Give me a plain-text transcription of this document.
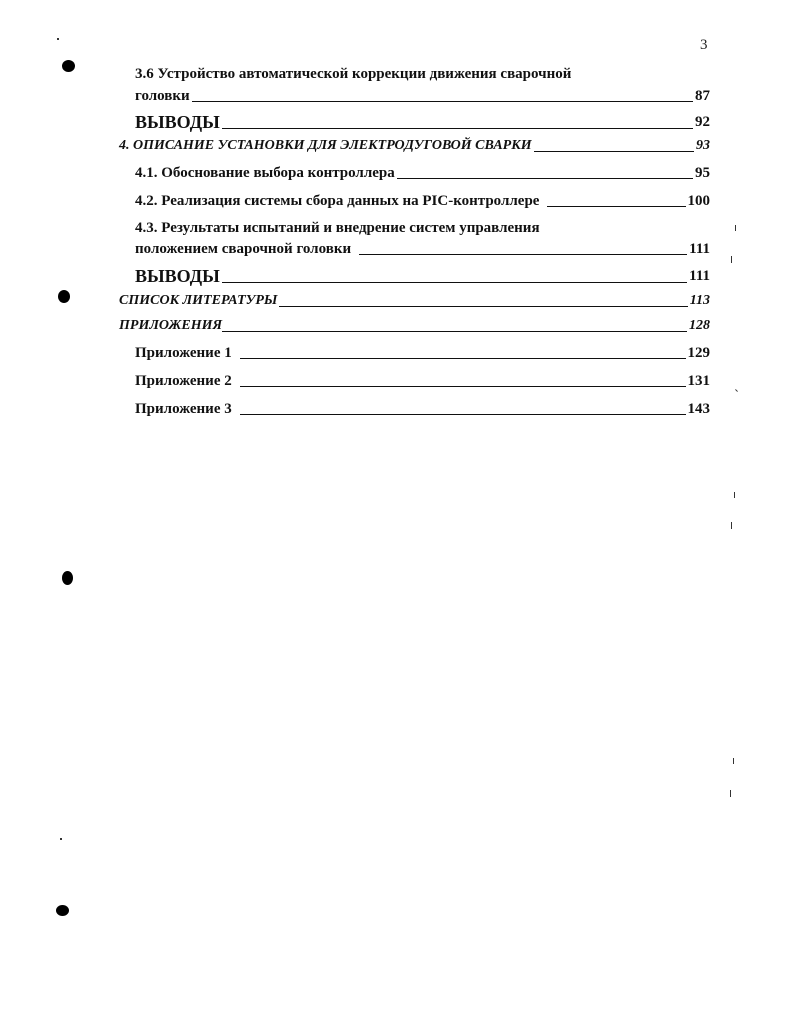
3
3.6 Устройство автоматической коррекции движения сварочной
головки	87
ВЫВОДЫ	92
4. ОПИСАНИЕ УСТАНОВКИ ДЛЯ ЭЛЕКТРОДУГОВОЙ СВАРКИ	93
4.1. Обоснование выбора контроллера	95
4.2. Реализация системы сбора данных на PIC-контроллере	100
4.3. Результаты испытаний и внедрение систем управления
положением сварочной головки	111
ВЫВОДЫ	111
СПИСОК ЛИТЕРАТУРЫ	113
ПРИЛОЖЕНИЯ	128
Приложение 1	129
Приложение 2	131
Приложение 3	143
